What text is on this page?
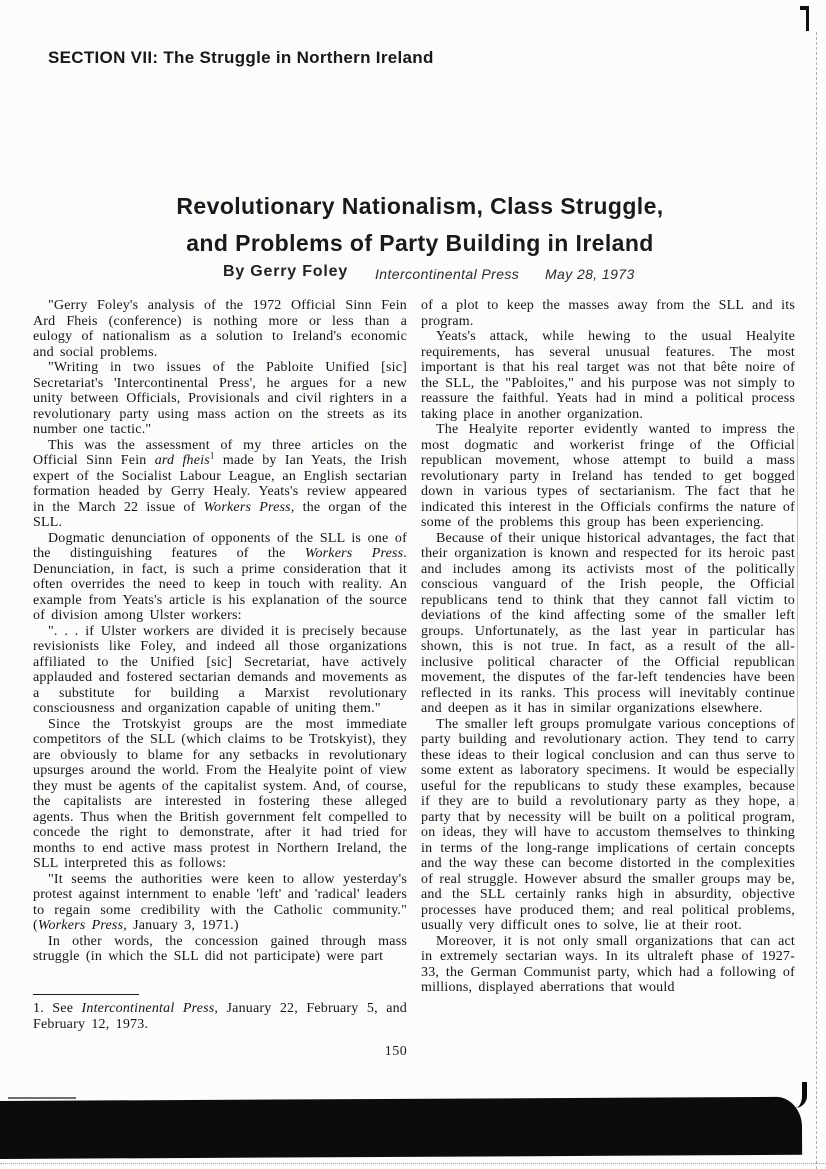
SECTION VII: The Struggle in Northern Ireland
Revolutionary Nationalism, Class Struggle,
and Problems of Party Building in Ireland
By Gerry Foley Intercontinental Press May 28, 1973

"Gerry Foley's analysis of the 1972 Official Sinn Fein Ard Fheis (conference) is nothing more or less than a eulogy of nationalism as a solution to Ireland's economic and social problems.

"Writing in two issues of the Pabloite Unified [sic] Secretariat's 'Intercontinental Press', he argues for a new unity between Officials, Provisionals and civil righters in a revolutionary party using mass action on the streets as its number one tactic."

This was the assessment of my three articles on the Official Sinn Fein ard fheis$^1$ made by Ian Yeats, the Irish expert of the Socialist Labour League, an English sectarian formation headed by Gerry Healy. Yeats's review appeared in the March 22 issue of Workers Press, the organ of the SLL.

Dogmatic denunciation of opponents of the SLL is one of the distinguishing features of the Workers Press. Denunciation, in fact, is such a prime consideration that it often overrides the need to keep in touch with reality. An example from Yeats's article is his explanation of the source of division among Ulster workers:

". . . if Ulster workers are divided it is precisely because revisionists like Foley, and indeed all those organizations affiliated to the Unified [sic] Secretariat, have actively applauded and fostered sectarian demands and movements as a substitute for building a Marxist revolutionary consciousness and organization capable of uniting them."

Since the Trotskyist groups are the most immediate competitors of the SLL (which claims to be Trotskyist), they are obviously to blame for any setbacks in revolutionary upsurges around the world. From the Healyite point of view they must be agents of the capitalist system. And, of course, the capitalists are interested in fostering these alleged agents. Thus when the British government felt compelled to concede the right to demonstrate, after it had tried for months to end active mass protest in Northern Ireland, the SLL interpreted this as follows:

"It seems the authorities were keen to allow yesterday's protest against internment to enable 'left' and 'radical' leaders to regain some credibility with the Catholic community." (Workers Press, January 3, 1971.)

In other words, the concession gained through mass struggle (in which the SLL did not participate) were part

of a plot to keep the masses away from the SLL and its program.

Yeats's attack, while hewing to the usual Healyite requirements, has several unusual features. The most important is that his real target was not that bête noire of the SLL, the "Pabloites," and his purpose was not simply to reassure the faithful. Yeats had in mind a political process taking place in another organization.

The Healyite reporter evidently wanted to impress the most dogmatic and workerist fringe of the Official republican movement, whose attempt to build a mass revolutionary party in Ireland has tended to get bogged down in various types of sectarianism. The fact that he indicated this interest in the Officials confirms the nature of some of the problems this group has been experiencing.

Because of their unique historical advantages, the fact that their organization is known and respected for its heroic past and includes among its activists most of the politically conscious vanguard of the Irish people, the Official republicans tend to think that they cannot fall victim to deviations of the kind affecting some of the smaller left groups. Unfortunately, as the last year in particular has shown, this is not true. In fact, as a result of the all-inclusive political character of the Official republican movement, the disputes of the far-left tendencies have been reflected in its ranks. This process will inevitably continue and deepen as it has in similar organizations elsewhere.

The smaller left groups promulgate various conceptions of party building and revolutionary action. They tend to carry these ideas to their logical conclusion and can thus serve to some extent as laboratory specimens. It would be especially useful for the republicans to study these examples, because if they are to build a revolutionary party as they hope, a party that by necessity will be built on a political program, on ideas, they will have to accustom themselves to thinking in terms of the long-range implications of certain concepts and the way these can become distorted in the complexities of real struggle. However absurd the smaller groups may be, and the SLL certainly ranks high in absurdity, objective processes have produced them; and real political problems, usually very difficult ones to solve, lie at their root.

Moreover, it is not only small organizations that can act in extremely sectarian ways. In its ultraleft phase of 1927-33, the German Communist party, which had a following of millions, displayed aberrations that would

1. See Intercontinental Press, January 22, February 5, and February 12, 1973.
150
